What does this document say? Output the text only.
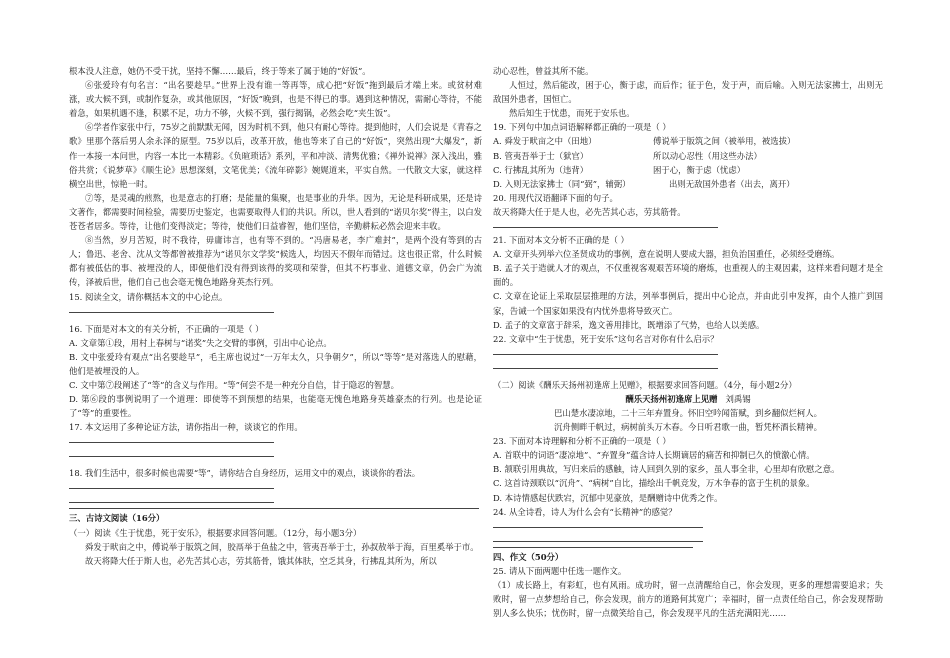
根本没人注意，她仍不受干扰，坚持不懈……最后，终于等来了属于她的“好饭”。

⑥张爱玲有句名言：“出名要趁早。”世界上没有谁一等再等，成心把“好饭”拖到最后才端上来。或贫材难涨，或大候不到，或制作复杂，或其他原因，“好饭”晚到，也是不得已的事。遇到这种情况，需耐心等待，不能着急，如果机遇不逢，积累不足，功力不够，火候不到，强行揭锅，必然会吃“夹生饭”。

⑥学者作家张中行，75岁之前默默无闻，因为时机不到，他只有耐心等待。提到他时，人们会说是《青春之歌》里那个落后男人余永泽的原型。75岁以后，改革开放，他也等来了自己的“好饭”，突然出现“大爆发”，新作一本接一本问世，内容一本比一本精彩。《负暄琐话》系列，平和冲淡、清隽优雅；《禅外说禅》深入浅出，雅俗共赏；《说梦草》《顺生论》思想深刻，文笔优美；《流年碎影》婉娓道来，平实自然。一代散文大家，就这样横空出世，惊艳一时。

⑦等，是灵魂的煎熬，也是意志的打磨；是能量的集聚，也是事业的升华。因为，无论是科研成果，还是诗文著作，都需要时间检验，需要历史鉴定，也需要取得人们的共识。所以，世人看到的“诺贝尔奖”得主，以白发苍苍者居多。等待，让他们变得淡定；等待，使他们日益睿智，他们坚信，辛勤耕耘必然会迎来丰收。

⑧当然，岁月苦短，时不我待，毋庸讳言，也有等不到的。“冯唐易老，李广难封”，是两个没有等到的古人；鲁迅、老舍、沈从文等都曾被推荐为“诺贝尔文学奖”候选人，均因天不假年而错过。这也很正常，什么时候都有被低估的事、被埋没的人，即便他们没有得到该得的奖项和荣誉，但其不朽事业、道德文章，仍会广为流传，泽被后世，他们自己也会毫无愧色地路身英杰行列。

15. 阅读全文，请你概括本文的中心论点。

16. 下面是对本文的有关分析，不正确的一项是（ ）

A. 文章第①段，用村上春树与“诺奖”失之交臂的事例，引出中心论点。

B. 文中张爱玲有观点“出名要趁早”，毛主席也说过“一万年太久，只争朝夕”，所以“等等”是对落选人的慰藉，他们是被埋没的人。

C. 文中第⑦段阐述了“等”的含义与作用。“等”何尝不是一种充分自信，甘于隐忍的智慧。

D. 第⑥段的事例说明了一个道理：即使等不到预想的结果，也能毫无愧色地路身英雄豪杰的行列。也是论证了“等”的重要性。

17. 本文运用了多种论证方法，请你指出一种，谈谈它的作用。

18. 我们生活中，很多时候也需要“等”，请你结合自身经历，运用文中的观点，谈谈你的看法。

三、古诗文阅读（16分）

（一）阅读《生于忧患，死于安乐》，根据要求回答问题。（12分，每小题3分）

舜发于畎亩之中，傅说举于版筑之间，胶鬲举于鱼盐之中，管夷吾举于士，孙叔敖举于海，百里奚举于市。

故天将降大任于斯人也，必先苦其心志，劳其筋骨，饿其体肤，空乏其身，行拂乱其所为，所以

动心忍性，曾益其所不能。

人恒过，然后能改，困于心，衡于虑，而后作；征于色，发于声，而后喻。入则无法家拂士，出则无敌国外患者，国恒亡。

然后知生于忧患，而死于安乐也。

19. 下列句中加点词语解释都正确的一项是（ ）

A. 舜发于畎亩之中（田地）	傅说举于版筑之间（被举用，被选拔）
B. 管夷吾举于士（狱官）	所以动心忍性（用这些办法）
C. 行拂乱其所为（违背）	困于心，衡于虑（忧虑）
D. 入则无法家拂士（同“弼”，辅弼）	出则无敌国外患者（出去，离开）

20. 用现代汉语翻译下面的句子。

故天将降大任于是人也，必先苦其心志，劳其筋骨。

21. 下面对本文分析不正确的是（ ）

A. 文章开头列举六位圣贤成功的事例，意在说明人要成大器，担负治国重任，必须经受磨练。

B. 孟子关于造就人才的观点，不仅重视客观艰苦环境的磨炼，也重视人的主观因素，这样来看问题才是全面的。

C. 文章在论证上采取层层推理的方法，列举事例后，提出中心论点，并由此引申发挥，由个人推广到国家，告诫一个国家如果没有内忧外患将导致灭亡。

D. 孟子的文章富于辞采，逸文善用排比，既增添了气势，也给人以美感。

22. 文章中“生于忧患，死于安乐”这句名言对你有什么启示？

（二）阅读《酬乐天扬州初逢席上见赠》，根据要求回答问题。（4分，每小题2分）

酬乐天扬州初逢席上见赠 刘禹锡

巴山楚水凄凉地，二十三年弃置身。怀旧空吟闻笛赋，到乡翻似烂柯人。

沉舟侧畔千帆过，病树前头万木春。今日听君歌一曲，暂凭杯酒长精神。

23. 下面对本诗理解和分析不正确的一项是（ ）

A. 首联中的词语“凄凉地”、“弃置身”蕴含诗人长期谪居的痛苦和抑制已久的愤激心情。

B. 颔联引用典故，写归来后的感触，诗人回到久别的家乡，虽人事全非，心里却有欣慰之意。

C. 这首诗颈联以“沉舟”、“病树”自比，描绘出千帆竞发，万木争春的富于生机的景象。

D. 本诗情感起伏跌宕，沉郁中见豪放，是酬赠诗中优秀之作。

24. 从全诗看，诗人为什么会有“长精神”的感觉？

四、作文（50分）

25. 请从下面两题中任选一题作文。

（1）成长路上，有彩虹，也有风雨。成功时，留一点清醒给自己，你会发现，更多的理想需要追求；失败时，留一点梦想给自己，你会发现，前方的道路何其宽广；幸福时，留一点责任给自己，你会发现帮助别人多么快乐；忧伤时，留一点微笑给自己，你会发现平凡的生活充满阳光……
